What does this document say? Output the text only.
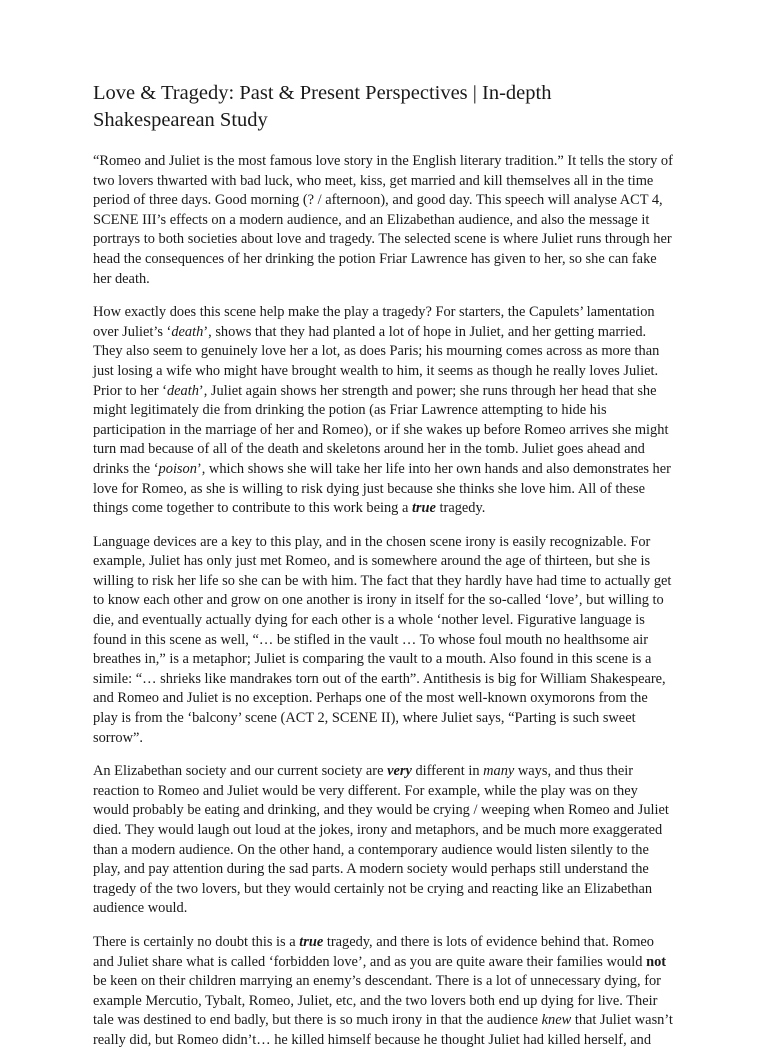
Love & Tragedy: Past & Present Perspectives | In-depth Shakespearean Study

“Romeo and Juliet is the most famous love story in the English literary tradition.” It tells the story of two lovers thwarted with bad luck, who meet, kiss, get married and kill themselves all in the time period of three days. Good morning (? / afternoon), and good day. This speech will analyse ACT 4, SCENE III’s effects on a modern audience, and an Elizabethan audience, and also the message it portrays to both societies about love and tragedy. The selected scene is where Juliet runs through her head the consequences of her drinking the potion Friar Lawrence has given to her, so she can fake her death.

How exactly does this scene help make the play a tragedy? For starters, the Capulets’ lamentation over Juliet’s ‘death’, shows that they had planted a lot of hope in Juliet, and her getting married. They also seem to genuinely love her a lot, as does Paris; his mourning comes across as more than just losing a wife who might have brought wealth to him, it seems as though he really loves Juliet. Prior to her ‘death’, Juliet again shows her strength and power; she runs through her head that she might legitimately die from drinking the potion (as Friar Lawrence attempting to hide his participation in the marriage of her and Romeo), or if she wakes up before Romeo arrives she might turn mad because of all of the death and skeletons around her in the tomb. Juliet goes ahead and drinks the ‘poison’, which shows she will take her life into her own hands and also demonstrates her love for Romeo, as she is willing to risk dying just because she thinks she love him. All of these things come together to contribute to this work being a true tragedy.

Language devices are a key to this play, and in the chosen scene irony is easily recognizable. For example, Juliet has only just met Romeo, and is somewhere around the age of thirteen, but she is willing to risk her life so she can be with him. The fact that they hardly have had time to actually get to know each other and grow on one another is irony in itself for the so-called ‘love’, but willing to die, and eventually actually dying for each other is a whole ‘nother level. Figurative language is found in this scene as well, “… be stifled in the vault … To whose foul mouth no healthsome air breathes in,” is a metaphor; Juliet is comparing the vault to a mouth. Also found in this scene is a simile: “… shrieks like mandrakes torn out of the earth”. Antithesis is big for William Shakespeare, and Romeo and Juliet is no exception. Perhaps one of the most well-known oxymorons from the play is from the ‘balcony’ scene (ACT 2, SCENE II), where Juliet says, “Parting is such sweet sorrow”.

An Elizabethan society and our current society are very different in many ways, and thus their reaction to Romeo and Juliet would be very different. For example, while the play was on they would probably be eating and drinking, and they would be crying / weeping when Romeo and Juliet died. They would laugh out loud at the jokes, irony and metaphors, and be much more exaggerated than a modern audience. On the other hand, a contemporary audience would listen silently to the play, and pay attention during the sad parts. A modern society would perhaps still understand the tragedy of the two lovers, but they would certainly not be crying and reacting like an Elizabethan audience would.

There is certainly no doubt this is a true tragedy, and there is lots of evidence behind that. Romeo and Juliet share what is called ‘forbidden love’, and as you are quite aware their families would not be keen on their children marrying an enemy’s descendant. There is a lot of unnecessary dying, for example Mercutio, Tybalt, Romeo, Juliet, etc, and the two lovers both end up dying for live. Their tale was destined to end badly, but there is so much irony in that the audience knew that Juliet wasn’t really did, but Romeo didn’t… he killed himself because he thought Juliet had killed herself, and
